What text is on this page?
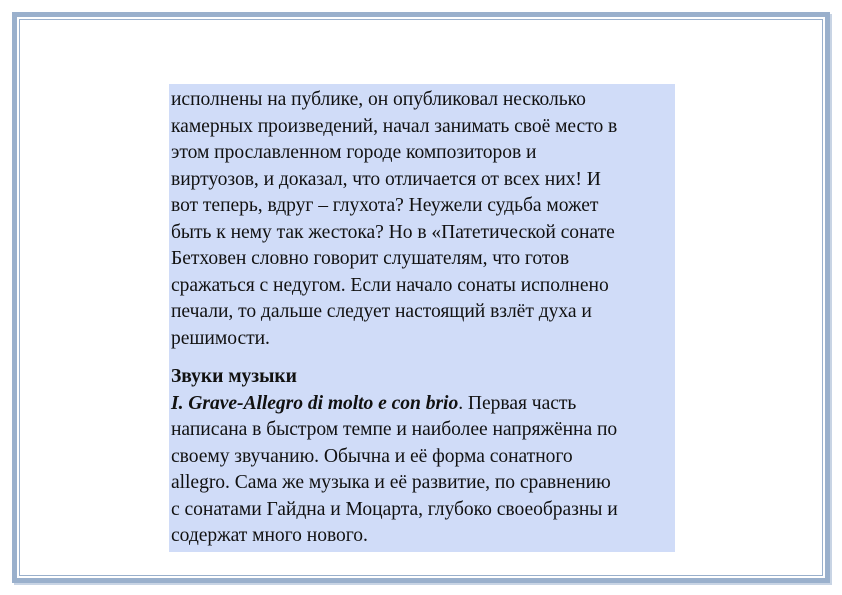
исполнены на публике, он опубликовал несколько
камерных произведений, начал занимать своё место в
этом прославленном городе композиторов и
виртуозов, и доказал, что отличается от всех них! И
вот теперь, вдруг – глухота? Неужели судьба может
быть к нему так жестока? Но в «Патетической сонате
Бетховен словно говорит слушателям, что готов
сражаться с недугом. Если начало сонаты исполнено
печали, то дальше следует настоящий взлёт духа и
решимости.
Звуки музыки
I. Grave-Allegro di molto e con brio. Первая часть
написана в быстром темпе и наиболее напряжённа по
своему звучанию. Обычна и её форма сонатного
allegro. Сама же музыка и её развитие, по сравнению
с сонатами Гайдна и Моцарта, глубоко своеобразны и
содержат много нового.
